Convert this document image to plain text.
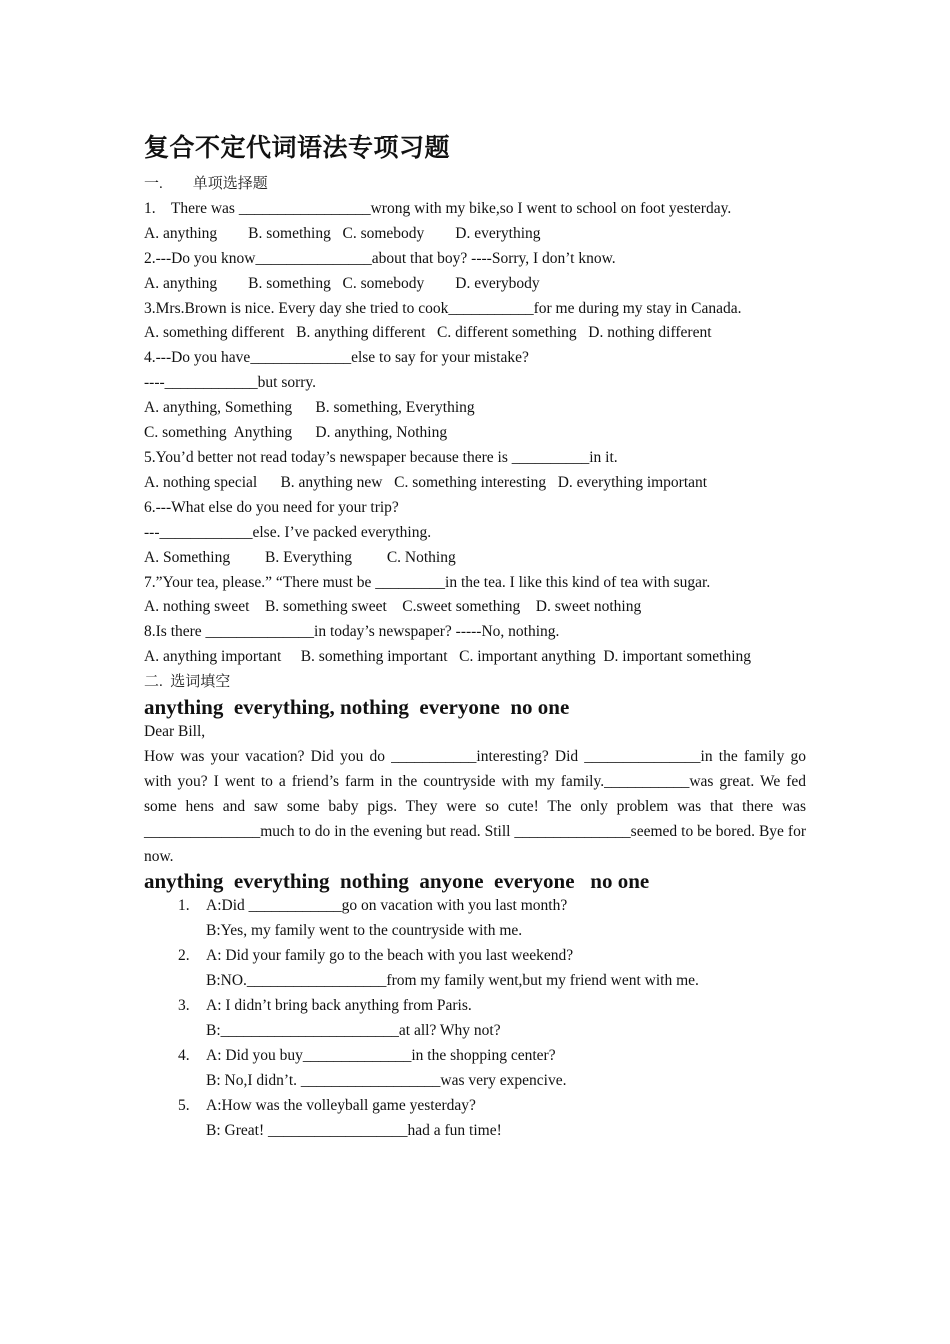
复合不定代词语法专项习题
一.        单项选择题
1.    There was _________________wrong with my bike,so I went to school on foot yesterday.
A. anything        B. something   C. somebody        D. everything
2.---Do you know_______________about that boy? ----Sorry, I don’t know.
A. anything        B. something   C. somebody        D. everybody
3.Mrs.Brown is nice. Every day she tried to cook___________for me during my stay in Canada.
A. something different   B. anything different   C. different something   D. nothing different
4.---Do you have_____________else to say for your mistake?
----____________but sorry.
A. anything, Something      B. something, Everything
C. something  Anything      D. anything, Nothing
5.You’d better not read today’s newspaper because there is __________in it.
A. nothing special      B. anything new   C. something interesting   D. everything important
6.---What else do you need for your trip?
---____________else. I’ve packed everything.
A. Something         B. Everything         C. Nothing
7.”Your tea, please.” “There must be _________in the tea. I like this kind of tea with sugar.
A. nothing sweet    B. something sweet    C.sweet something    D. sweet nothing
8.Is there ______________in today’s newspaper? -----No, nothing.
A. anything important     B. something important   C. important anything  D. important something
二.  选词填空
anything  everything, nothing  everyone  no one
Dear Bill,
How was your vacation? Did you do ___________interesting? Did _______________in the family go with you? I went to a friend’s farm in the countryside with my family.___________was great. We fed some hens and saw some baby pigs. They were so cute! The only problem was that there was _______________much to do in the evening but read. Still _______________seemed to be bored. Bye for now.
anything  everything  nothing  anyone  everyone   no one
1. A:Did ____________go on vacation with you last month?
B:Yes, my family went to the countryside with me.
2. A: Did your family go to the beach with you last weekend?
B:NO.__________________from my family went,but my friend went with me.
3. A: I didn’t bring back anything from Paris.
B:_______________________at all? Why not?
4. A: Did you buy______________in the shopping center?
B: No,I didn’t. __________________was very expencive.
5. A:How was the volleyball game yesterday?
B: Great! __________________had a fun time!
